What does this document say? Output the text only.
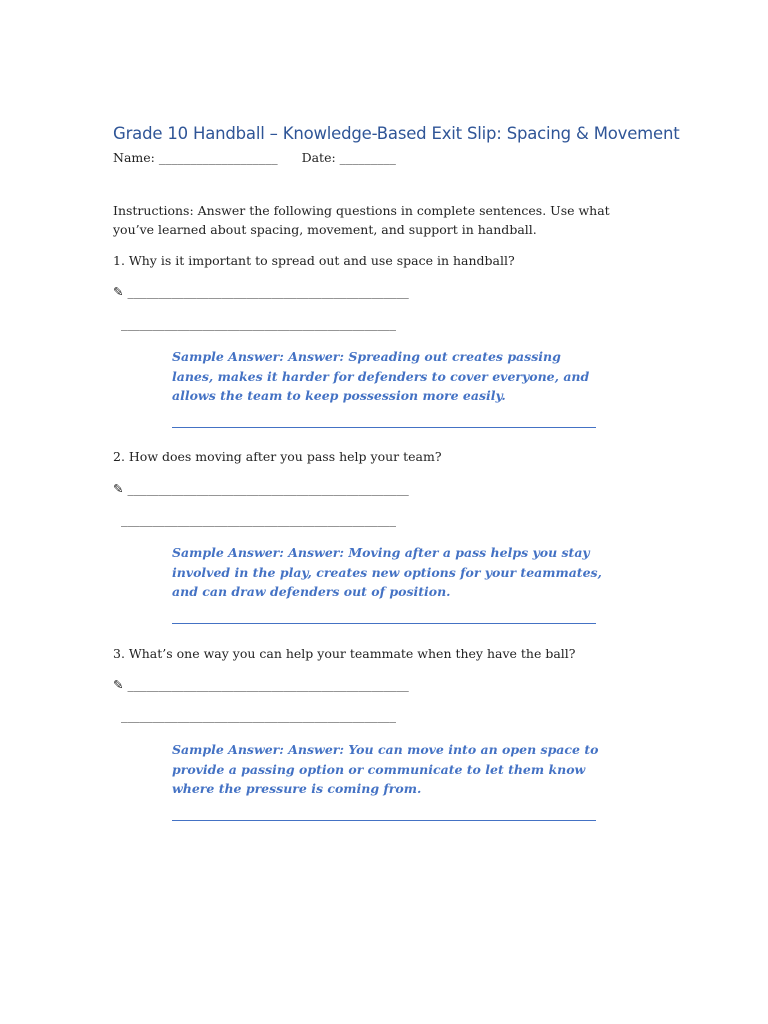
Grade 10 Handball – Knowledge-Based Exit Slip: Spacing & Movement
Name: ___________________ Date: _________
Instructions: Answer the following questions in complete sentences. Use what you’ve learned about spacing, movement, and support in handball.
1. Why is it important to spread out and use space in handball?
✎ _____________________________________________
____________________________________________
Sample Answer: Answer: Spreading out creates passing lanes, makes it harder for defenders to cover everyone, and allows the team to keep possession more easily.
2. How does moving after you pass help your team?
✎ _____________________________________________
____________________________________________
Sample Answer: Answer: Moving after a pass helps you stay involved in the play, creates new options for your teammates, and can draw defenders out of position.
3. What’s one way you can help your teammate when they have the ball?
✎ _____________________________________________
____________________________________________
Sample Answer: Answer: You can move into an open space to provide a passing option or communicate to let them know where the pressure is coming from.
